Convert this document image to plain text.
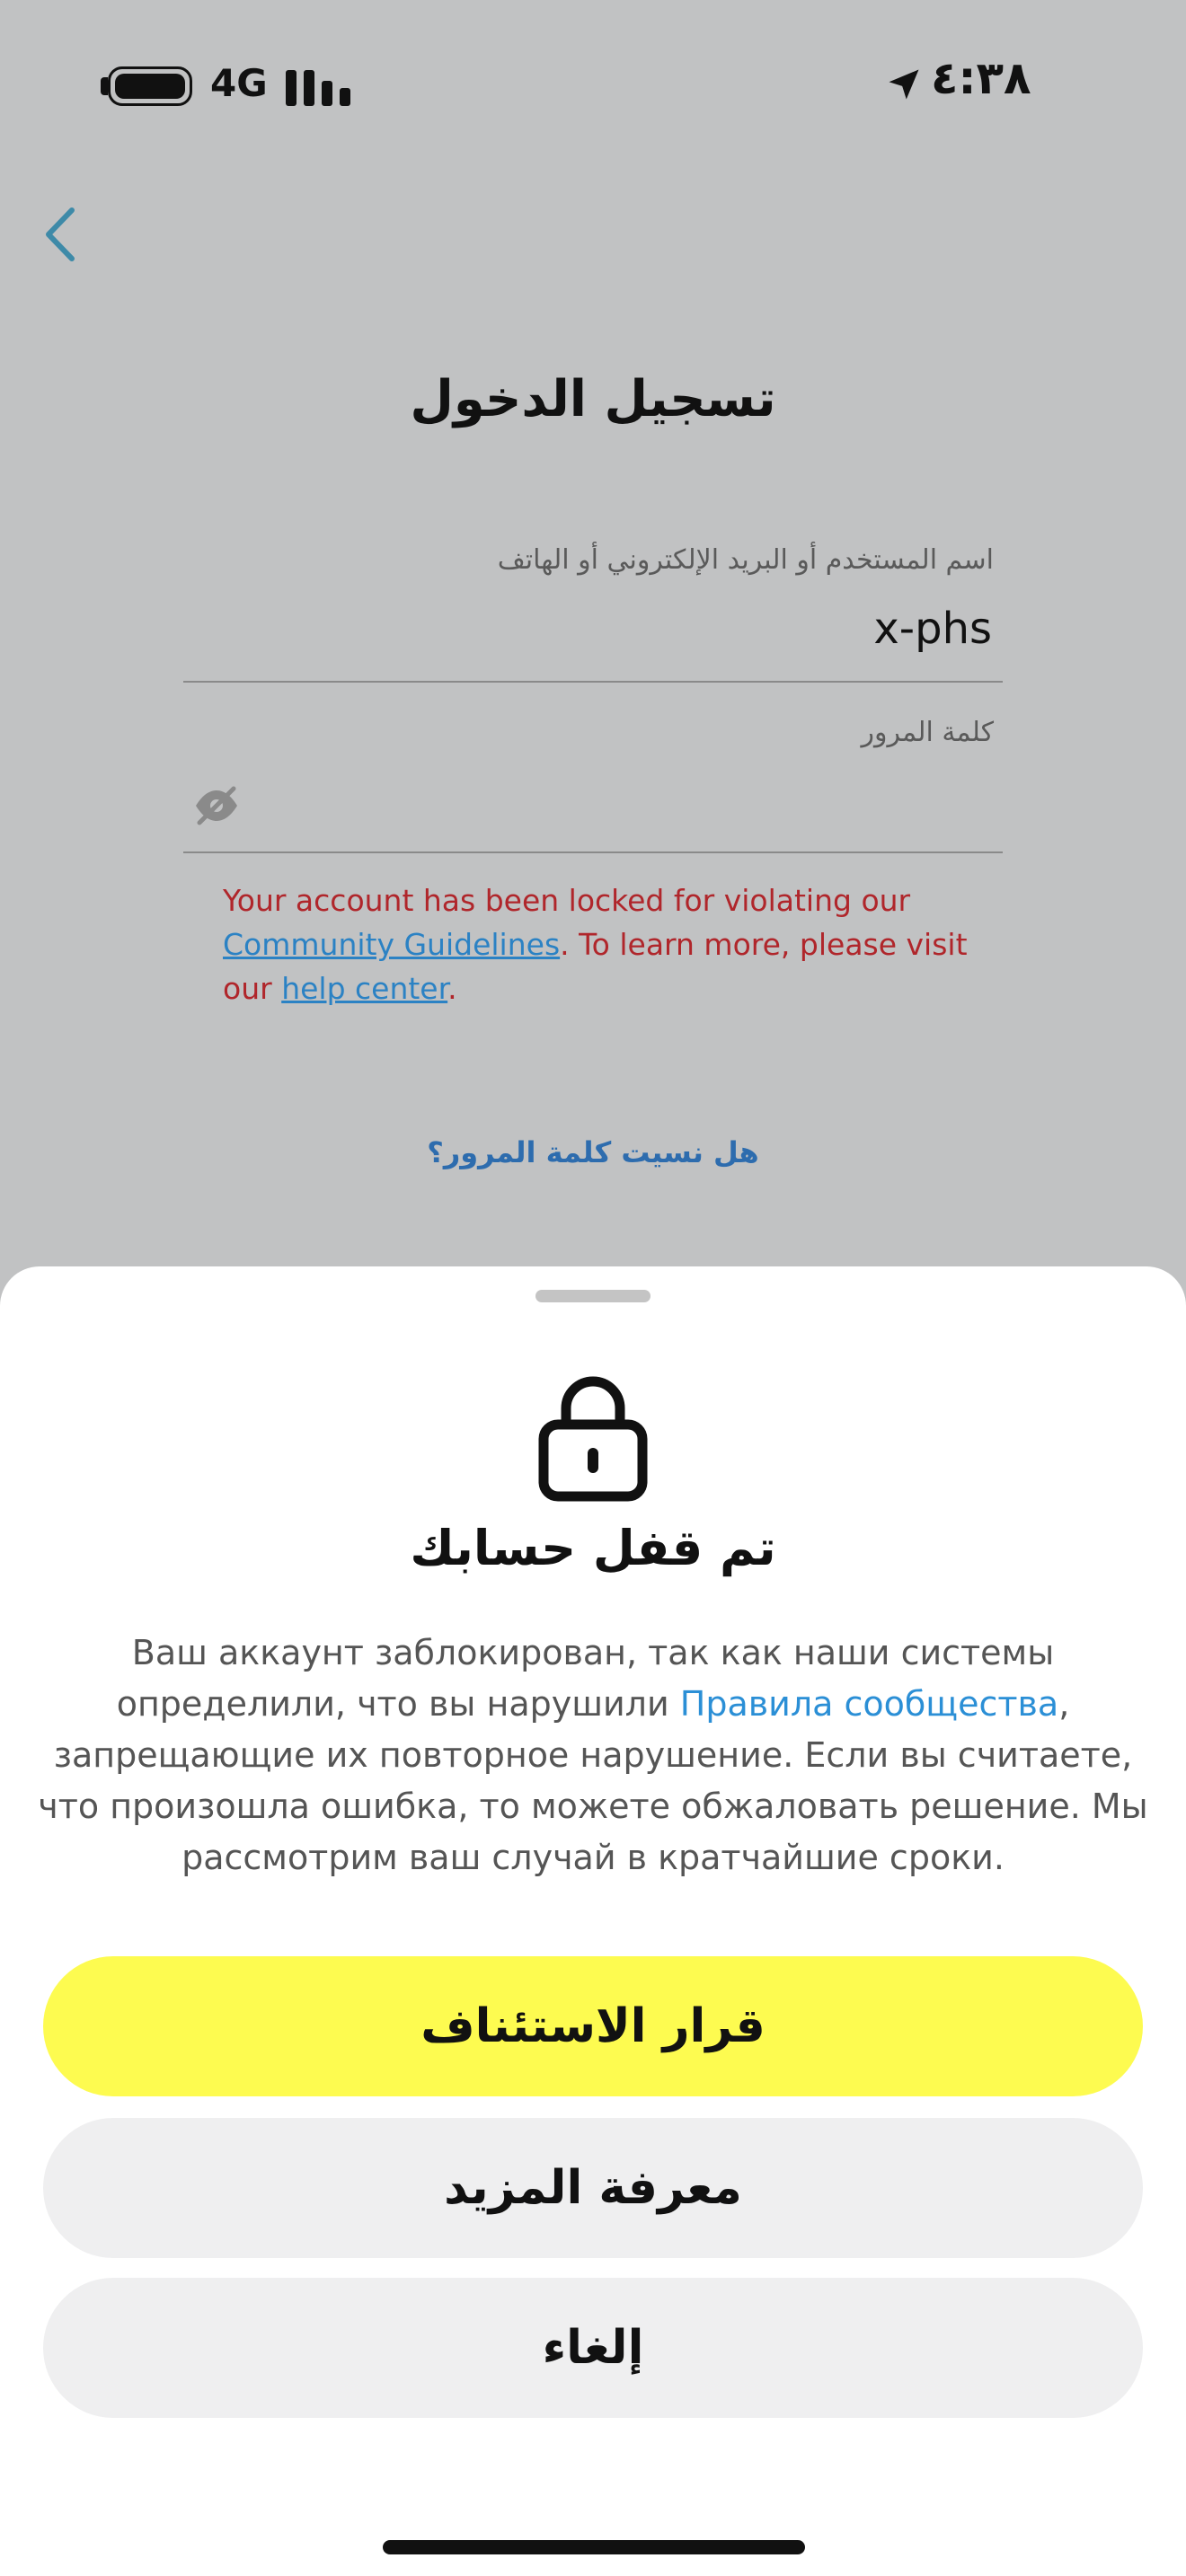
4G	٤:٣٨
تسجيل الدخول
اسم المستخدم أو البريد الإلكتروني أو الهاتف
x-phs
كلمة المرور
Your account has been locked for violating our Community Guidelines. To learn more, please visit our help center.
هل نسيت كلمة المرور؟
تم قفل حسابك
Ваш аккаунт заблокирован, так как наши системы определили, что вы нарушили Правила сообщества, запрещающие их повторное нарушение. Если вы считаете, что произошла ошибка, то можете обжаловать решение. Мы рассмотрим ваш случай в кратчайшие сроки.
قرار الاستئناف
معرفة المزيد
إلغاء
